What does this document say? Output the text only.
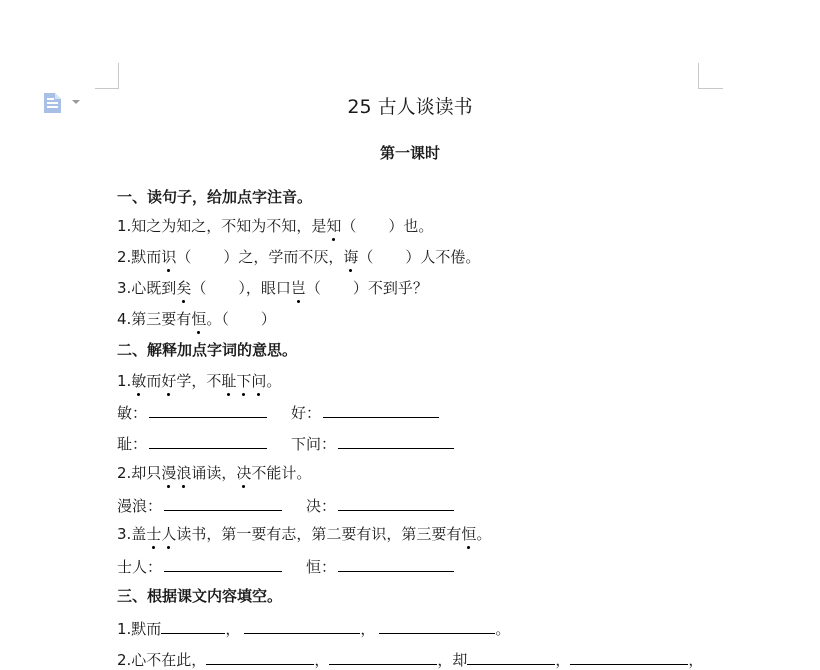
25 古人谈读书
第一课时
一、读句子，给加点字注音。
1.知之为知之，不知为不知，是知（ ）也。
2.默而识（ ）之，学而不厌，诲（ ）人不倦。
3.心既到矣（ ），眼口岂（ ）不到乎？
4.第三要有恒。（ ）
二、解释加点字词的意思。
1.敏而好学，不耻下问。
敏：	好：
耻：	下问：
2.却只漫浪诵读，决不能计。
漫浪：	决：
3.盖士人读书，第一要有志，第二要有识，第三要有恒。
士人：	恒：
三、根据课文内容填空。
1.默而	，	，	。
2.心不在此，	，	，却	，	，
